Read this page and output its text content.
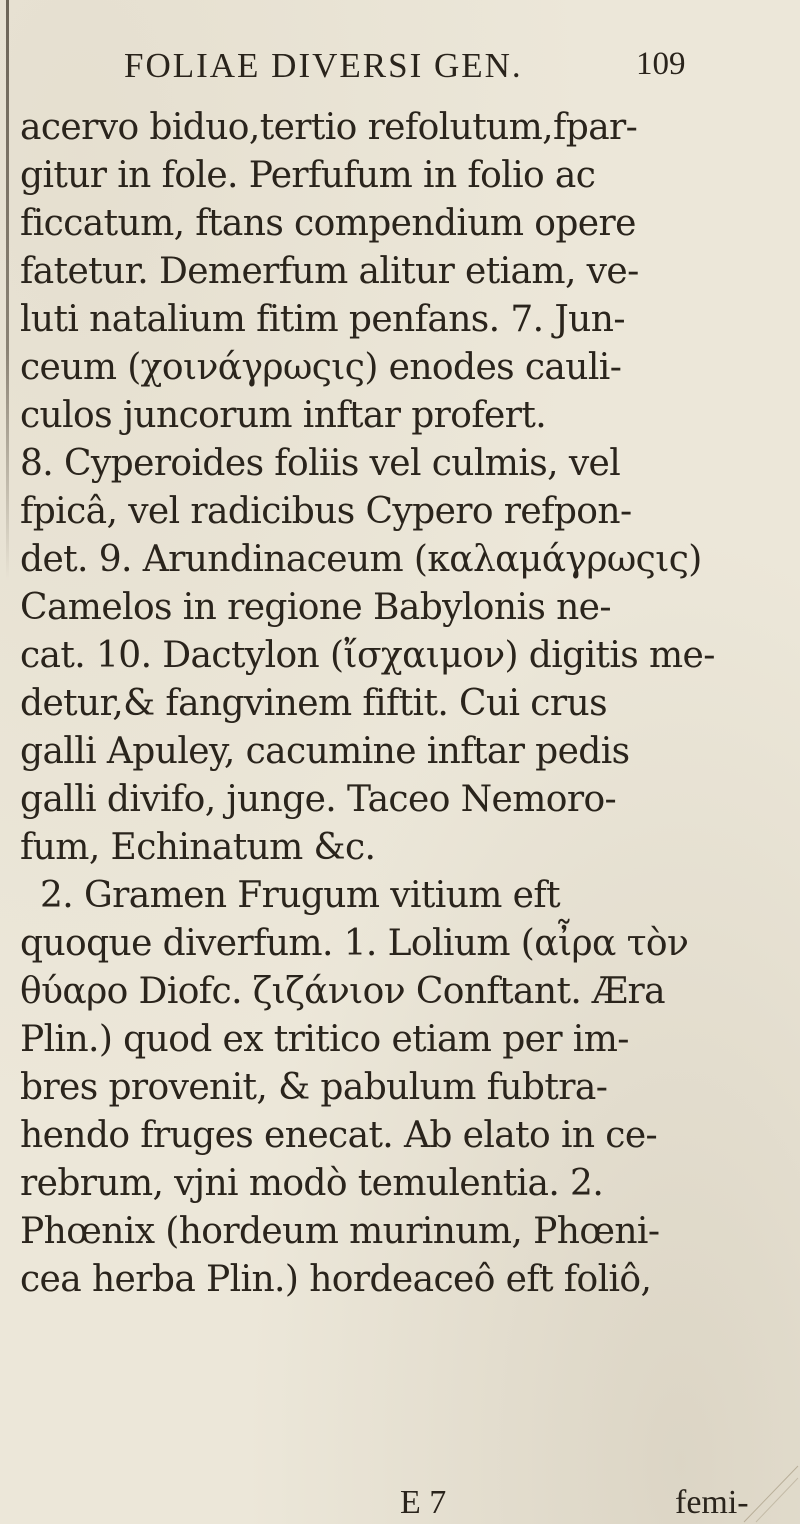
FOLIAE DIVERSI GEN.	109
acervo biduo,tertio refolutum,fpar-
gitur in fole. Perfufum in folio ac
ficcatum, ftans compendium opere
fatetur. Demerfum alitur etiam, ve-
luti natalium fitim penfans. 7. Jun-
ceum (χοινάγρωςις) enodes cauli-
culos juncorum inftar profert.
8. Cyperoides foliis vel culmis, vel
fpicâ, vel radicibus Cypero refpon-
det. 9. Arundinaceum (καλαμάγρωςις)
Camelos in regione Babylonis ne-
cat. 10. Dactylon (ἴσχαιμον) digitis me-
detur,& fangvinem fiftit. Cui crus
galli Apuley, cacumine inftar pedis
galli divifo, junge. Taceo Nemoro-
fum, Echinatum &c.
2. Gramen Frugum vitium eft
quoque diverfum. 1. Lolium (αἶρα τὸν
θύαρο Diofc. ζιζάνιον Conftant. Æra
Plin.) quod ex tritico etiam per im-
bres provenit, & pabulum fubtra-
hendo fruges enecat. Ab elato in ce-
rebrum, vjni modò temulentia. 2.
Phœnix (hordeum murinum, Phœni-
cea herba Plin.) hordeaceô eft foliô,
E 7	femi-
